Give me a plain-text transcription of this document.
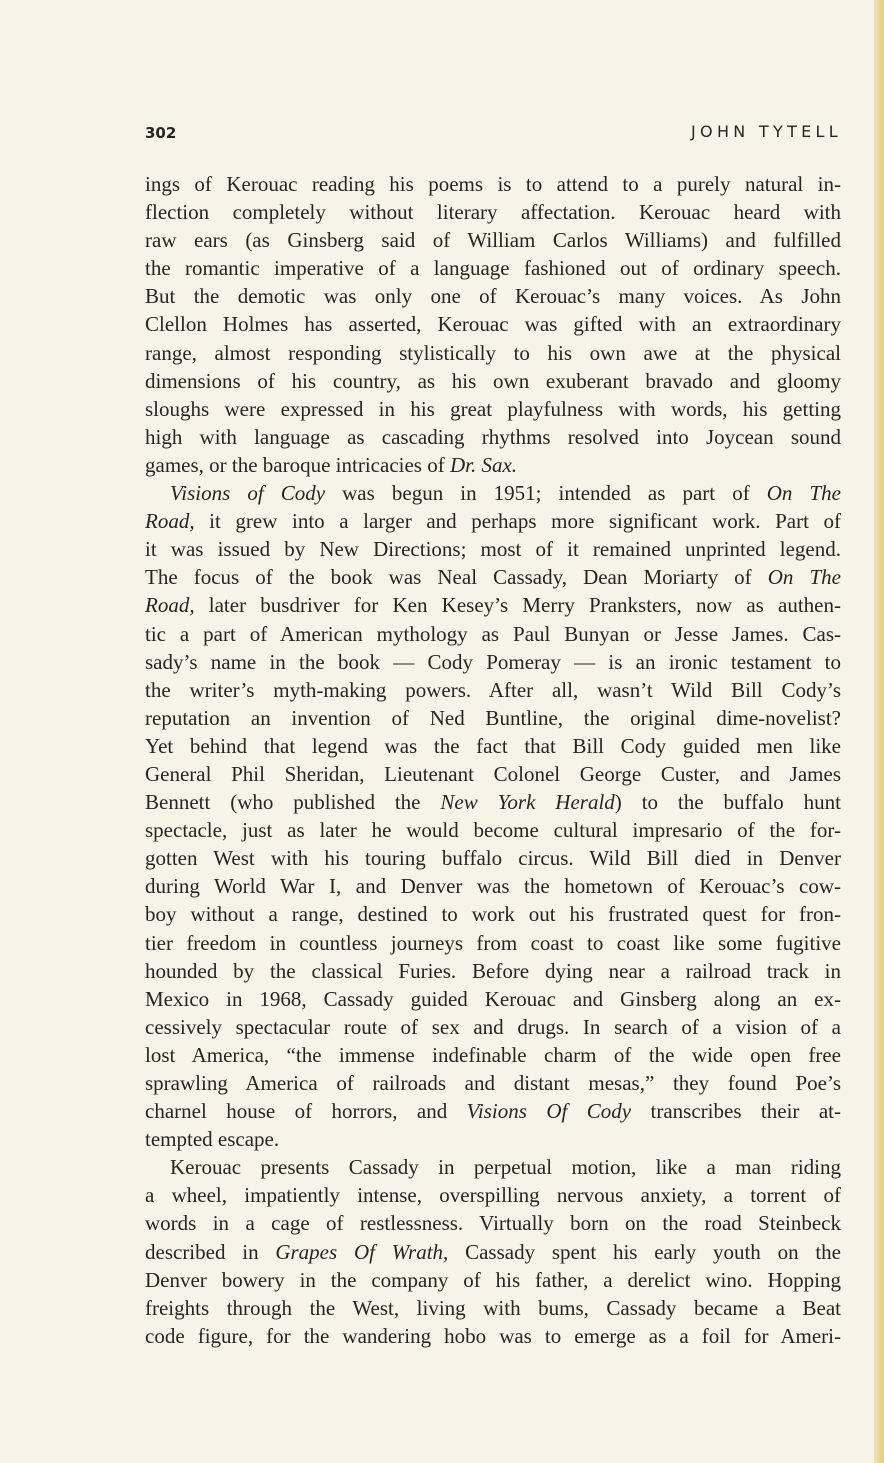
302	JOHN TYTELL
ings of Kerouac reading his poems is to attend to a purely natural in-
flection completely without literary affectation. Kerouac heard with
raw ears (as Ginsberg said of William Carlos Williams) and fulfilled
the romantic imperative of a language fashioned out of ordinary speech.
But the demotic was only one of Kerouac’s many voices. As John
Clellon Holmes has asserted, Kerouac was gifted with an extraordinary
range, almost responding stylistically to his own awe at the physical
dimensions of his country, as his own exuberant bravado and gloomy
sloughs were expressed in his great playfulness with words, his getting
high with language as cascading rhythms resolved into Joycean sound
games, or the baroque intricacies of Dr. Sax.
Visions of Cody was begun in 1951; intended as part of On The
Road, it grew into a larger and perhaps more significant work. Part of
it was issued by New Directions; most of it remained unprinted legend.
The focus of the book was Neal Cassady, Dean Moriarty of On The
Road, later busdriver for Ken Kesey’s Merry Pranksters, now as authen-
tic a part of American mythology as Paul Bunyan or Jesse James. Cas-
sady’s name in the book — Cody Pomeray — is an ironic testament to
the writer’s myth-making powers. After all, wasn’t Wild Bill Cody’s
reputation an invention of Ned Buntline, the original dime-novelist?
Yet behind that legend was the fact that Bill Cody guided men like
General Phil Sheridan, Lieutenant Colonel George Custer, and James
Bennett (who published the New York Herald) to the buffalo hunt
spectacle, just as later he would become cultural impresario of the for-
gotten West with his touring buffalo circus. Wild Bill died in Denver
during World War I, and Denver was the hometown of Kerouac’s cow-
boy without a range, destined to work out his frustrated quest for fron-
tier freedom in countless journeys from coast to coast like some fugitive
hounded by the classical Furies. Before dying near a railroad track in
Mexico in 1968, Cassady guided Kerouac and Ginsberg along an ex-
cessively spectacular route of sex and drugs. In search of a vision of a
lost America, “the immense indefinable charm of the wide open free
sprawling America of railroads and distant mesas,” they found Poe’s
charnel house of horrors, and Visions Of Cody transcribes their at-
tempted escape.
Kerouac presents Cassady in perpetual motion, like a man riding
a wheel, impatiently intense, overspilling nervous anxiety, a torrent of
words in a cage of restlessness. Virtually born on the road Steinbeck
described in Grapes Of Wrath, Cassady spent his early youth on the
Denver bowery in the company of his father, a derelict wino. Hopping
freights through the West, living with bums, Cassady became a Beat
code figure, for the wandering hobo was to emerge as a foil for Ameri-
